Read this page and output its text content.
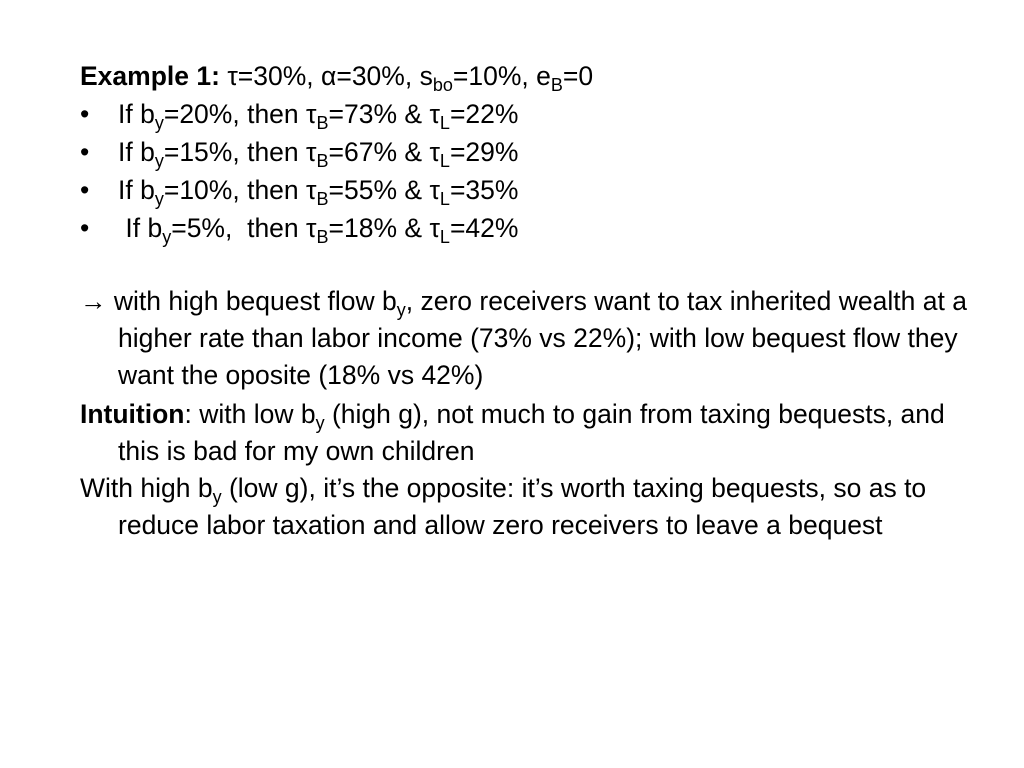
Example 1: τ=30%, α=30%, $s_{bo}=10\%$, $e_B=0$
•	If $b_y=20\%$, then $\tau_B=73\%$ & $\tau_L=22\%$
•	If $b_y=15\%$, then $\tau_B=67\%$ & $\tau_L=29\%$
•	If $b_y=10\%$, then $\tau_B=55\%$ & $\tau_L=35\%$
•	If $b_y=5\%$,  then $\tau_B=18\%$ & $\tau_L=42\%$
→ with high bequest flow $b_y$, zero receivers want to tax inherited wealth at a higher rate than labor income (73% vs 22%); with low bequest flow they want the oposite (18% vs 42%)
Intuition: with low $b_y$ (high g), not much to gain from taxing bequests, and this is bad for my own children
With high $b_y$ (low g), it’s the opposite: it’s worth taxing bequests, so as to reduce labor taxation and allow zero receivers to leave a bequest
